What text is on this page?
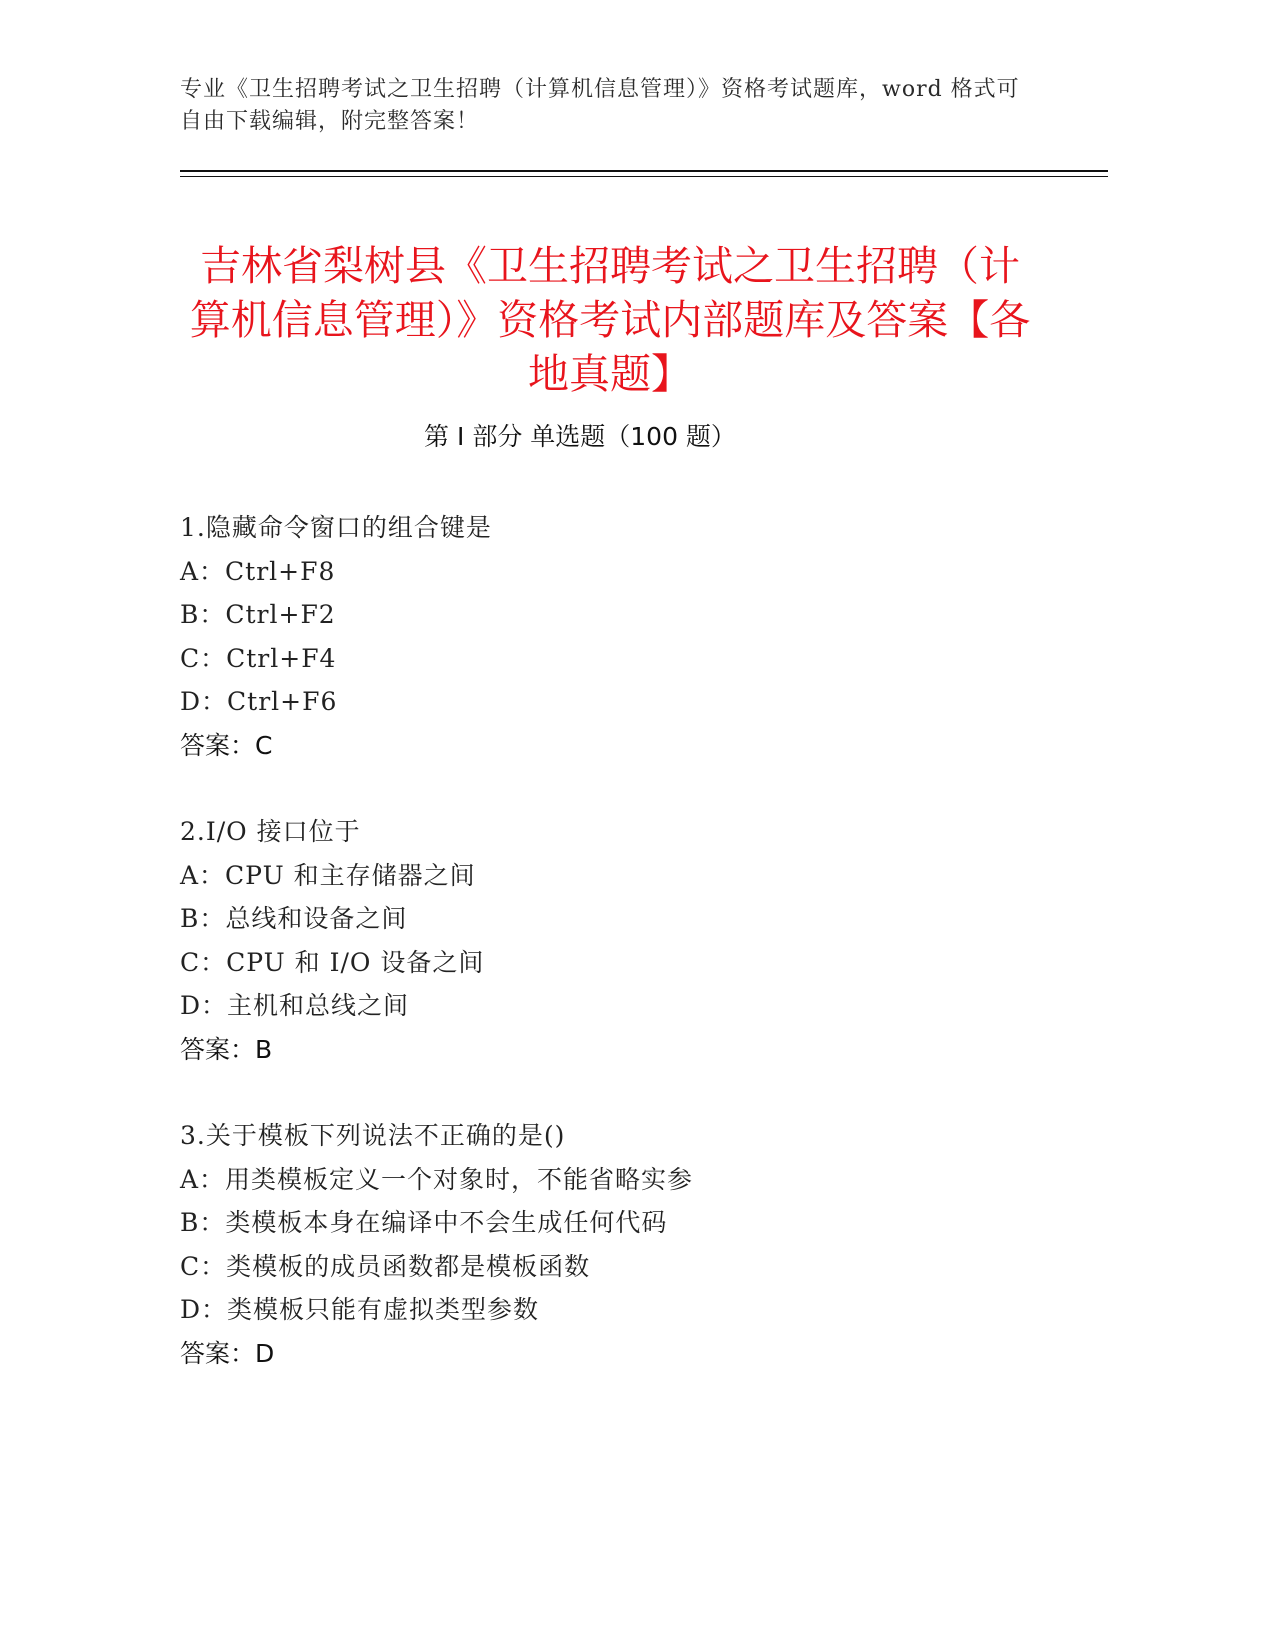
专业《卫生招聘考试之卫生招聘（计算机信息管理）》资格考试题库，word 格式可自由下载编辑，附完整答案！
吉林省梨树县《卫生招聘考试之卫生招聘（计算机信息管理）》资格考试内部题库及答案【各地真题】
第 I 部分 单选题（100 题）
1.隐藏命令窗口的组合键是
A：Ctrl+F8
B：Ctrl+F2
C：Ctrl+F4
D：Ctrl+F6
答案：C
2.I/O 接口位于
A：CPU 和主存储器之间
B：总线和设备之间
C：CPU 和 I/O 设备之间
D：主机和总线之间
答案：B
3.关于模板下列说法不正确的是()
A：用类模板定义一个对象时，不能省略实参
B：类模板本身在编译中不会生成任何代码
C：类模板的成员函数都是模板函数
D：类模板只能有虚拟类型参数
答案：D
